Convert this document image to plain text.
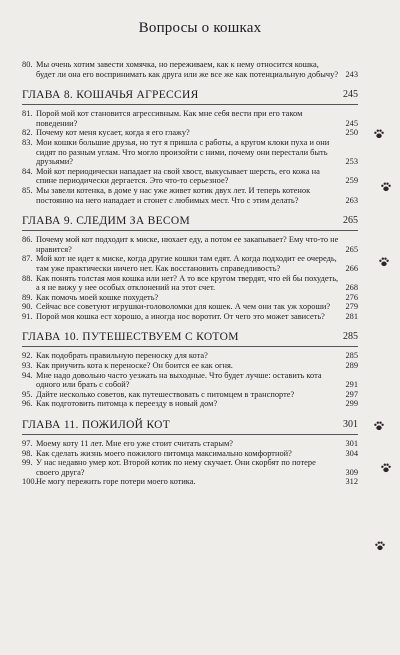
Вопросы о кошках
80. Мы очень хотим завести хомячка, но переживаем, как к нему относится кошка, будет ли она его воспринимать как друга или же все же как потенциальную добычу? 243
ГЛАВА 8. КОШАЧЬЯ АГРЕССИЯ	245
81. Порой мой кот становится агрессивным. Как мне себя вести при его таком поведении?	245
82. Почему кот меня кусает, когда я его глажу?	250
83. Мои кошки большие друзья, но тут я пришла с работы, а кругом клоки пуха и они сидят по разным углам. Что могло произойти с ними, почему они перестали быть друзьями?	253
84. Мой кот периодически нападает на свой хвост, выкусывает шерсть, его кожа на спине периодически дергается. Это что-то серьезное?	259
85. Мы завели котенка, в доме у нас уже живет котик двух лет. И теперь котенок постоянно на него нападает и стонет с любимых мест. Что с этим делать?	263
ГЛАВА 9. СЛЕДИМ ЗА ВЕСОМ	265
86. Почему мой кот подходит к миске, нюхает еду, а потом ее закапывает? Ему что-то не нравится?	265
87. Мой кот не идет к миске, когда другие кошки там едят. А когда подходит ее очередь, там уже практически ничего нет. Как восстановить справедливость?	266
88. Как понять толстая моя кошка или нет? А то все кругом твердят, что ей бы похудеть, а я не вижу у нее особых отклонений на этот счет.	268
89. Как помочь моей кошке похудеть?	276
90. Сейчас все советуют игрушки-головоломки для кошек. А чем они так уж хороши?	279
91. Порой моя кошка ест хорошо, а иногда нос воротит. От чего это может зависеть?	281
ГЛАВА 10. ПУТЕШЕСТВУЕМ С КОТОМ	285
92. Как подобрать правильную переноску для кота?	285
93. Как приучить кота к переноске? Он боится ее как огня.	289
94. Мне надо довольно часто уезжать на выходные. Что будет лучше: оставить кота одного или брать с собой?	291
95. Дайте несколько советов, как путешествовать с питомцем в транспорте?	297
96. Как подготовить питомца к переезду в новый дом?	299
ГЛАВА 11. ПОЖИЛОЙ КОТ	301
97. Моему коту 11 лет. Мне его уже стоит считать старым?	301
98. Как сделать жизнь моего пожилого питомца максимально комфортной?	304
99. У нас недавно умер кот. Второй котик по нему скучает. Они скорбят по потере своего друга?	309
100. Не могу пережить горе потери моего котика.	312
